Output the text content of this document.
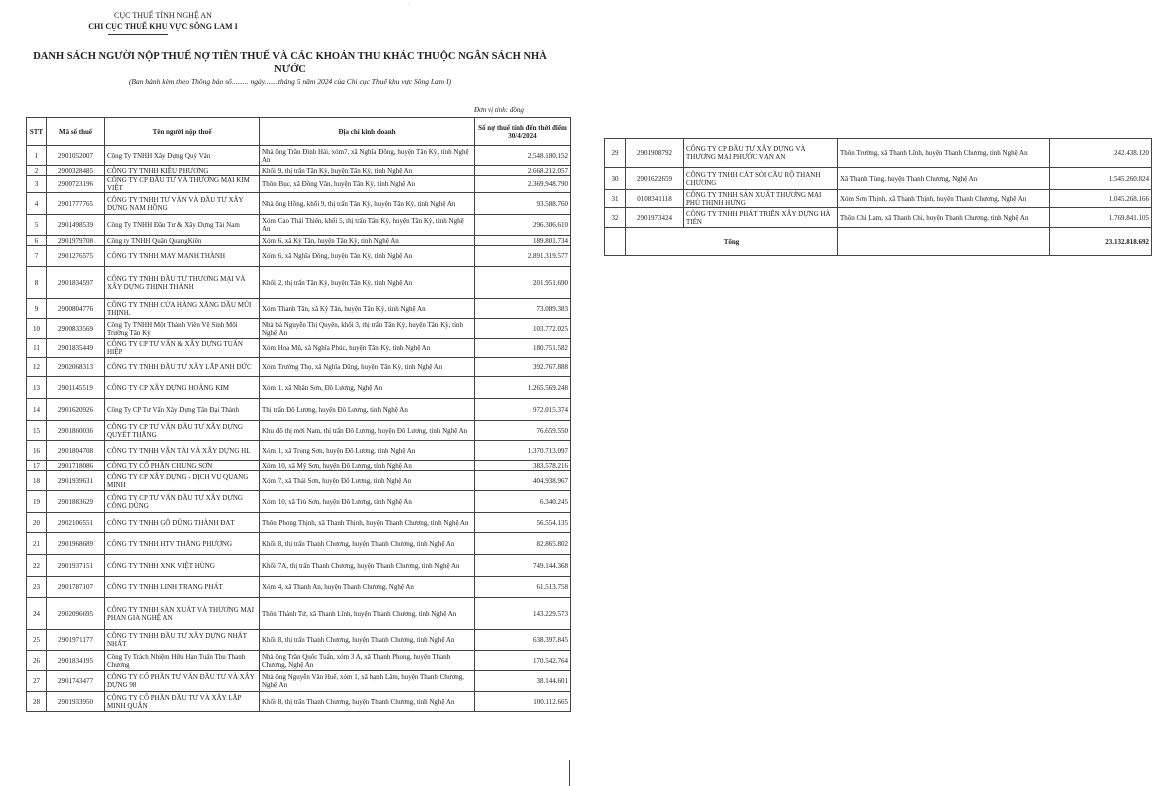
.
CỤC THUẾ TỈNH NGHỆ AN
CHI CỤC THUẾ KHU VỰC SÔNG LAM I
DANH SÁCH NGƯỜI NỘP THUẾ NỢ TIỀN THUẾ VÀ CÁC KHOẢN THU KHÁC THUỘC NGÂN SÁCH NHÀ NƯỚC
(Ban hành kèm theo Thông báo số......... ngày.......tháng 5 năm 2024 của Chi cục Thuế khu vực Sông Lam I)
Đơn vị tính: đồng
STT	Mã số thuế	Tên người nộp thuế	Địa chỉ kinh doanh	Số nợ thuế tính đến thời điểm 30/4/2024
1	2901052007	Công Ty TNHH Xây Dựng Quý Vân	Nhà ông Trần Đình Hải, xóm7, xã Nghĩa Đồng, huyện Tân Kỳ, tỉnh Nghệ An	2.548.180.152
2	2900328485	CÔNG TY TNHH KIỀU PHƯƠNG	Khối 9, thị trấn Tân Kỳ, huyện Tân Kỳ, tỉnh Nghệ An	2.668.212.057
3	2900723196	CÔNG TY CP ĐẦU TƯ VÀ THƯƠNG MẠI KIM VIỆT	Thôn Bục, xã Đồng Văn, huyện Tân Kỳ, tỉnh Nghệ An	2.369.948.790
4	2901777765	CÔNG TY TNHH TƯ VẤN VÀ ĐẦU TƯ XÂY DỰNG NAM HỒNG	Nhà ông Hồng, khối 9, thị trấn Tân Kỳ, huyện Tân Kỳ, tỉnh Nghệ An	93.588.760
5	2901498539	Công Ty TNHH Đầu Tư & Xây Dựng Tài Nam	Xóm Cao Thái Thiên, khối 5, thị trấn Tân Kỳ, huyện Tân Kỳ, tỉnh Nghệ An	296.306.610
6	2901979708	Công ty TNHH Quân QuangKiên	Xóm 6, xã Kỳ Tân, huyện Tân Kỳ, tỉnh Nghệ An	189.801.734
7	2901276575	CÔNG TY TNHH MAY MẠNH THÀNH	Xóm 6, xã Nghĩa Đồng, huyện Tân Kỳ, tỉnh Nghệ An	2.891.319.577
8	2901834597	CÔNG TY TNHH ĐẦU TƯ THƯƠNG MẠI VÀ XÂY DỰNG THỊNH THÀNH	Khối 2, thị trấn Tân Kỳ, huyện Tân Kỳ, tỉnh Nghệ An	201.951.690
9	2900804776	CÔNG TY TNHH CỬA HÀNG XĂNG DẦU MŨI THỊNH.	Xóm Thanh Tân, xã Kỳ Tân, huyện Tân Kỳ, tỉnh Nghệ An	73.089.383
10	2900833569	Công Ty TNHH Một Thành Viên Vệ Sinh Môi Trường Tân Kỳ	Nhà bà Nguyễn Thị Quyên, khối 3, thị trấn Tân Kỳ, huyện Tân Kỳ, tỉnh Nghệ An	103.772.025
11	2901835449	CÔNG TY CP TƯ VẤN & XÂY DỰNG TUẤN HIỆP	Xóm Hoa Mũ, xã Nghĩa Phúc, huyện Tân Kỳ, tỉnh Nghệ An	180.751.582
12	2902068313	CÔNG TY TNHH ĐẦU TƯ XÂY LẮP ANH ĐỨC	Xóm Trường Thọ, xã Nghĩa Dũng, huyện Tân Kỳ, tỉnh Nghệ An	392.767.888
13	2901145519	CÔNG TY CP XÂY DỰNG HOÀNG KIM	Xóm 1, xã Nhân Sơn, Đô Lương, Nghệ An	1.265.569.248
14	2901620926	Công Ty CP Tư Vấn Xây Dựng Tân Đại Thành	Thị trấn Đô Lương, huyện Đô Lương, tỉnh Nghệ An	972.015.374
15	2901860036	CÔNG TY CP TƯ VẤN ĐẦU TƯ XÂY DỰNG QUYẾT THẮNG	Khu đô thị mới Nam, thị trấn Đô Lương, huyện Đô Lương, tỉnh Nghệ An	76.659.550
16	2901804708	CÔNG TY TNHH VẬN TẢI VÀ XÂY DỰNG HL	Xóm 1, xã Trung Sơn, huyện Đô Lương, tỉnh Nghệ An	1.370.713.097
17	2901718086	CÔNG TY CỔ PHẦN CHUNG SƠN	Xóm 10, xã Mỹ Sơn, huyện Đô Lương, tỉnh Nghệ An	383.578.216
18	2901939631	CÔNG TY CP XÂY DỰNG - DỊCH VỤ QUANG MINH	Xóm 7, xã Thái Sơn, huyện Đô Lương, tỉnh Nghệ An	404.938.967
19	2901883629	CÔNG TY CP TƯ VẤN ĐẦU TƯ XÂY DỰNG CÔNG DŨNG	Xóm 10, xã Trù Sơn, huyện Đô Lương, tỉnh Nghệ An	6.340.245
20	2902106551	CÔNG TY TNHH GỖ DŨNG THÀNH ĐẠT	Thôn Phong Thịnh, xã Thanh Thịnh, huyện Thanh Chương, tỉnh Nghệ An	56.554.135
21	2901968689	CÔNG TY TNHH HTV THĂNG PHƯƠNG	Khối 8, thị trấn Thanh Chương, huyện Thanh Chương, tỉnh Nghệ An	82.865.802
22	2901937151	CÔNG TY TNHH XNK VIỆT HÙNG	Khối 7A, thị trấn Thanh Chương, huyện Thanh Chương, tỉnh Nghệ An	749.144.368
23	2901787107	CÔNG TY TNHH LINH TRANG PHÁT	Xóm 4, xã Thanh An, huyện Thanh Chương, Nghệ An	61.513.758
24	2902096695	CÔNG TY TNHH SẢN XUẤT VÀ THƯƠNG MẠI PHAN GIA NGHỆ AN	Thôn Thành Tứ, xã Thanh Lĩnh, huyện Thanh Chương, tỉnh Nghệ An	143.229.573
25	2901971177	CÔNG TY TNHH ĐẦU TƯ XÂY DỰNG NHẤT NHẤT	Khối 8, thị trấn Thanh Chương, huyện Thanh Chương, tỉnh Nghệ An	638.397.845
26	2901834195	Công Ty Trách Nhiệm Hữu Hạn Tuấn Thu Thanh Chương	Nhà ông Trần Quốc Tuấn, xóm 3 A, xã Thanh Phong, huyện Thanh Chương, Nghệ An	170.542.764
27	2901743477	CÔNG TY CỔ PHẦN TƯ VẤN ĐẦU TƯ VÀ XÂY DỰNG 98	Nhà ông Nguyễn Văn Huế, xóm 1, xã hạnh Lâm, huyện Thanh Chương, Nghệ An	38.144.601
28	2901933950	CÔNG TY CỔ PHẦN ĐẦU TƯ VÀ XÂY LẮP MINH QUÂN	Khối 8, thị trấn Thanh Chương, huyện Thanh Chương, tỉnh Nghệ An	100.112.665
29	2901908792	CÔNG TY CP ĐẦU TƯ XÂY DỰNG VÀ THƯƠNG MẠI PHƯỚC VẠN AN	Thôn Trường, xã Thanh Lĩnh, huyện Thanh Chương, tỉnh Nghệ An	242.438.120
30	2901622659	CÔNG TY TNHH CÁT SỎI CẦU RỘ THANH CHƯƠNG	Xã Thanh Tùng, huyện Thanh Chương, Nghệ An	1.545.260.824
31	0108341118	CÔNG TY TNHH SẢN XUẤT THƯƠNG MẠI PHÚ THỊNH HƯNG	Xóm Sơn Thịnh, xã Thanh Thịnh, huyện Thanh Chương, Nghệ An	1.045.268.166
32	2901973424	CÔNG TY TNHH PHÁT TRIỂN XÂY DỰNG HÀ TIẾN	Thôn Chi Lam, xã Thanh Chi, huyện Thanh Chương, tỉnh Nghệ An	1.769.841.105
	Tổng			23.132.818.692
